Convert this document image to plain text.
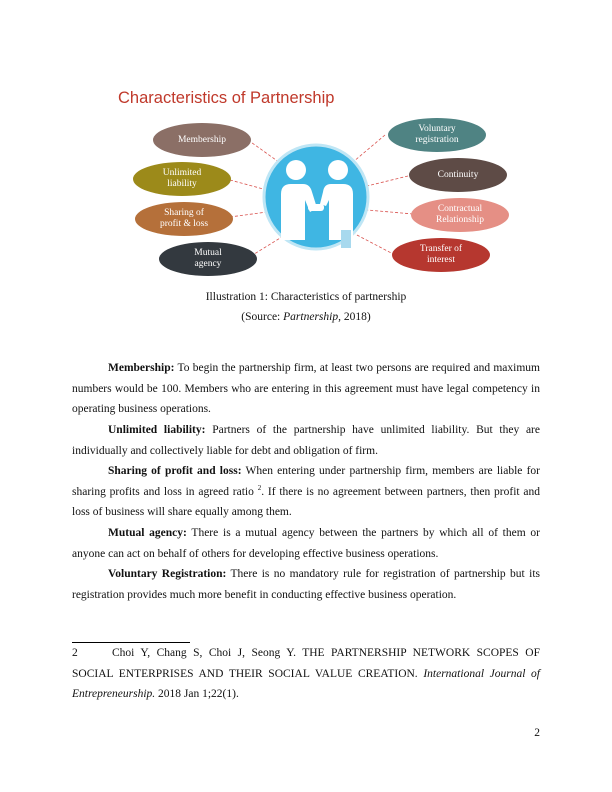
Characteristics of Partnership
Membership
Unlimited
liability
Sharing of
profit & loss
Mutual
agency
Voluntary
registration
Continuity
Contractual
Relationship
Transfer of
interest
Illustration 1: Characteristics of partnership
(Source: Partnership, 2018)
Membership: To begin the partnership firm, at least two persons are required and maximum numbers would be 100. Members who are entering in this agreement must have legal competency in operating business operations.
Unlimited liability: Partners of the partnership have unlimited liability. But they are individually and collectively liable for debt and obligation of firm.
Sharing of profit and loss: When entering under partnership firm, members are liable for sharing profits and loss in agreed ratio $^2$. If there is no agreement between partners, then profit and loss of business will share equally among them.
Mutual agency: There is a mutual agency between the partners by which all of them or anyone can act on behalf of others for developing effective business operations.
Voluntary Registration: There is no mandatory rule for registration of partnership but its registration provides much more benefit in conducting effective business operation.
2	Choi Y, Chang S, Choi J, Seong Y. THE PARTNERSHIP NETWORK SCOPES OF SOCIAL ENTERPRISES AND THEIR SOCIAL VALUE CREATION. International Journal of Entrepreneurship. 2018 Jan 1;22(1).
2
